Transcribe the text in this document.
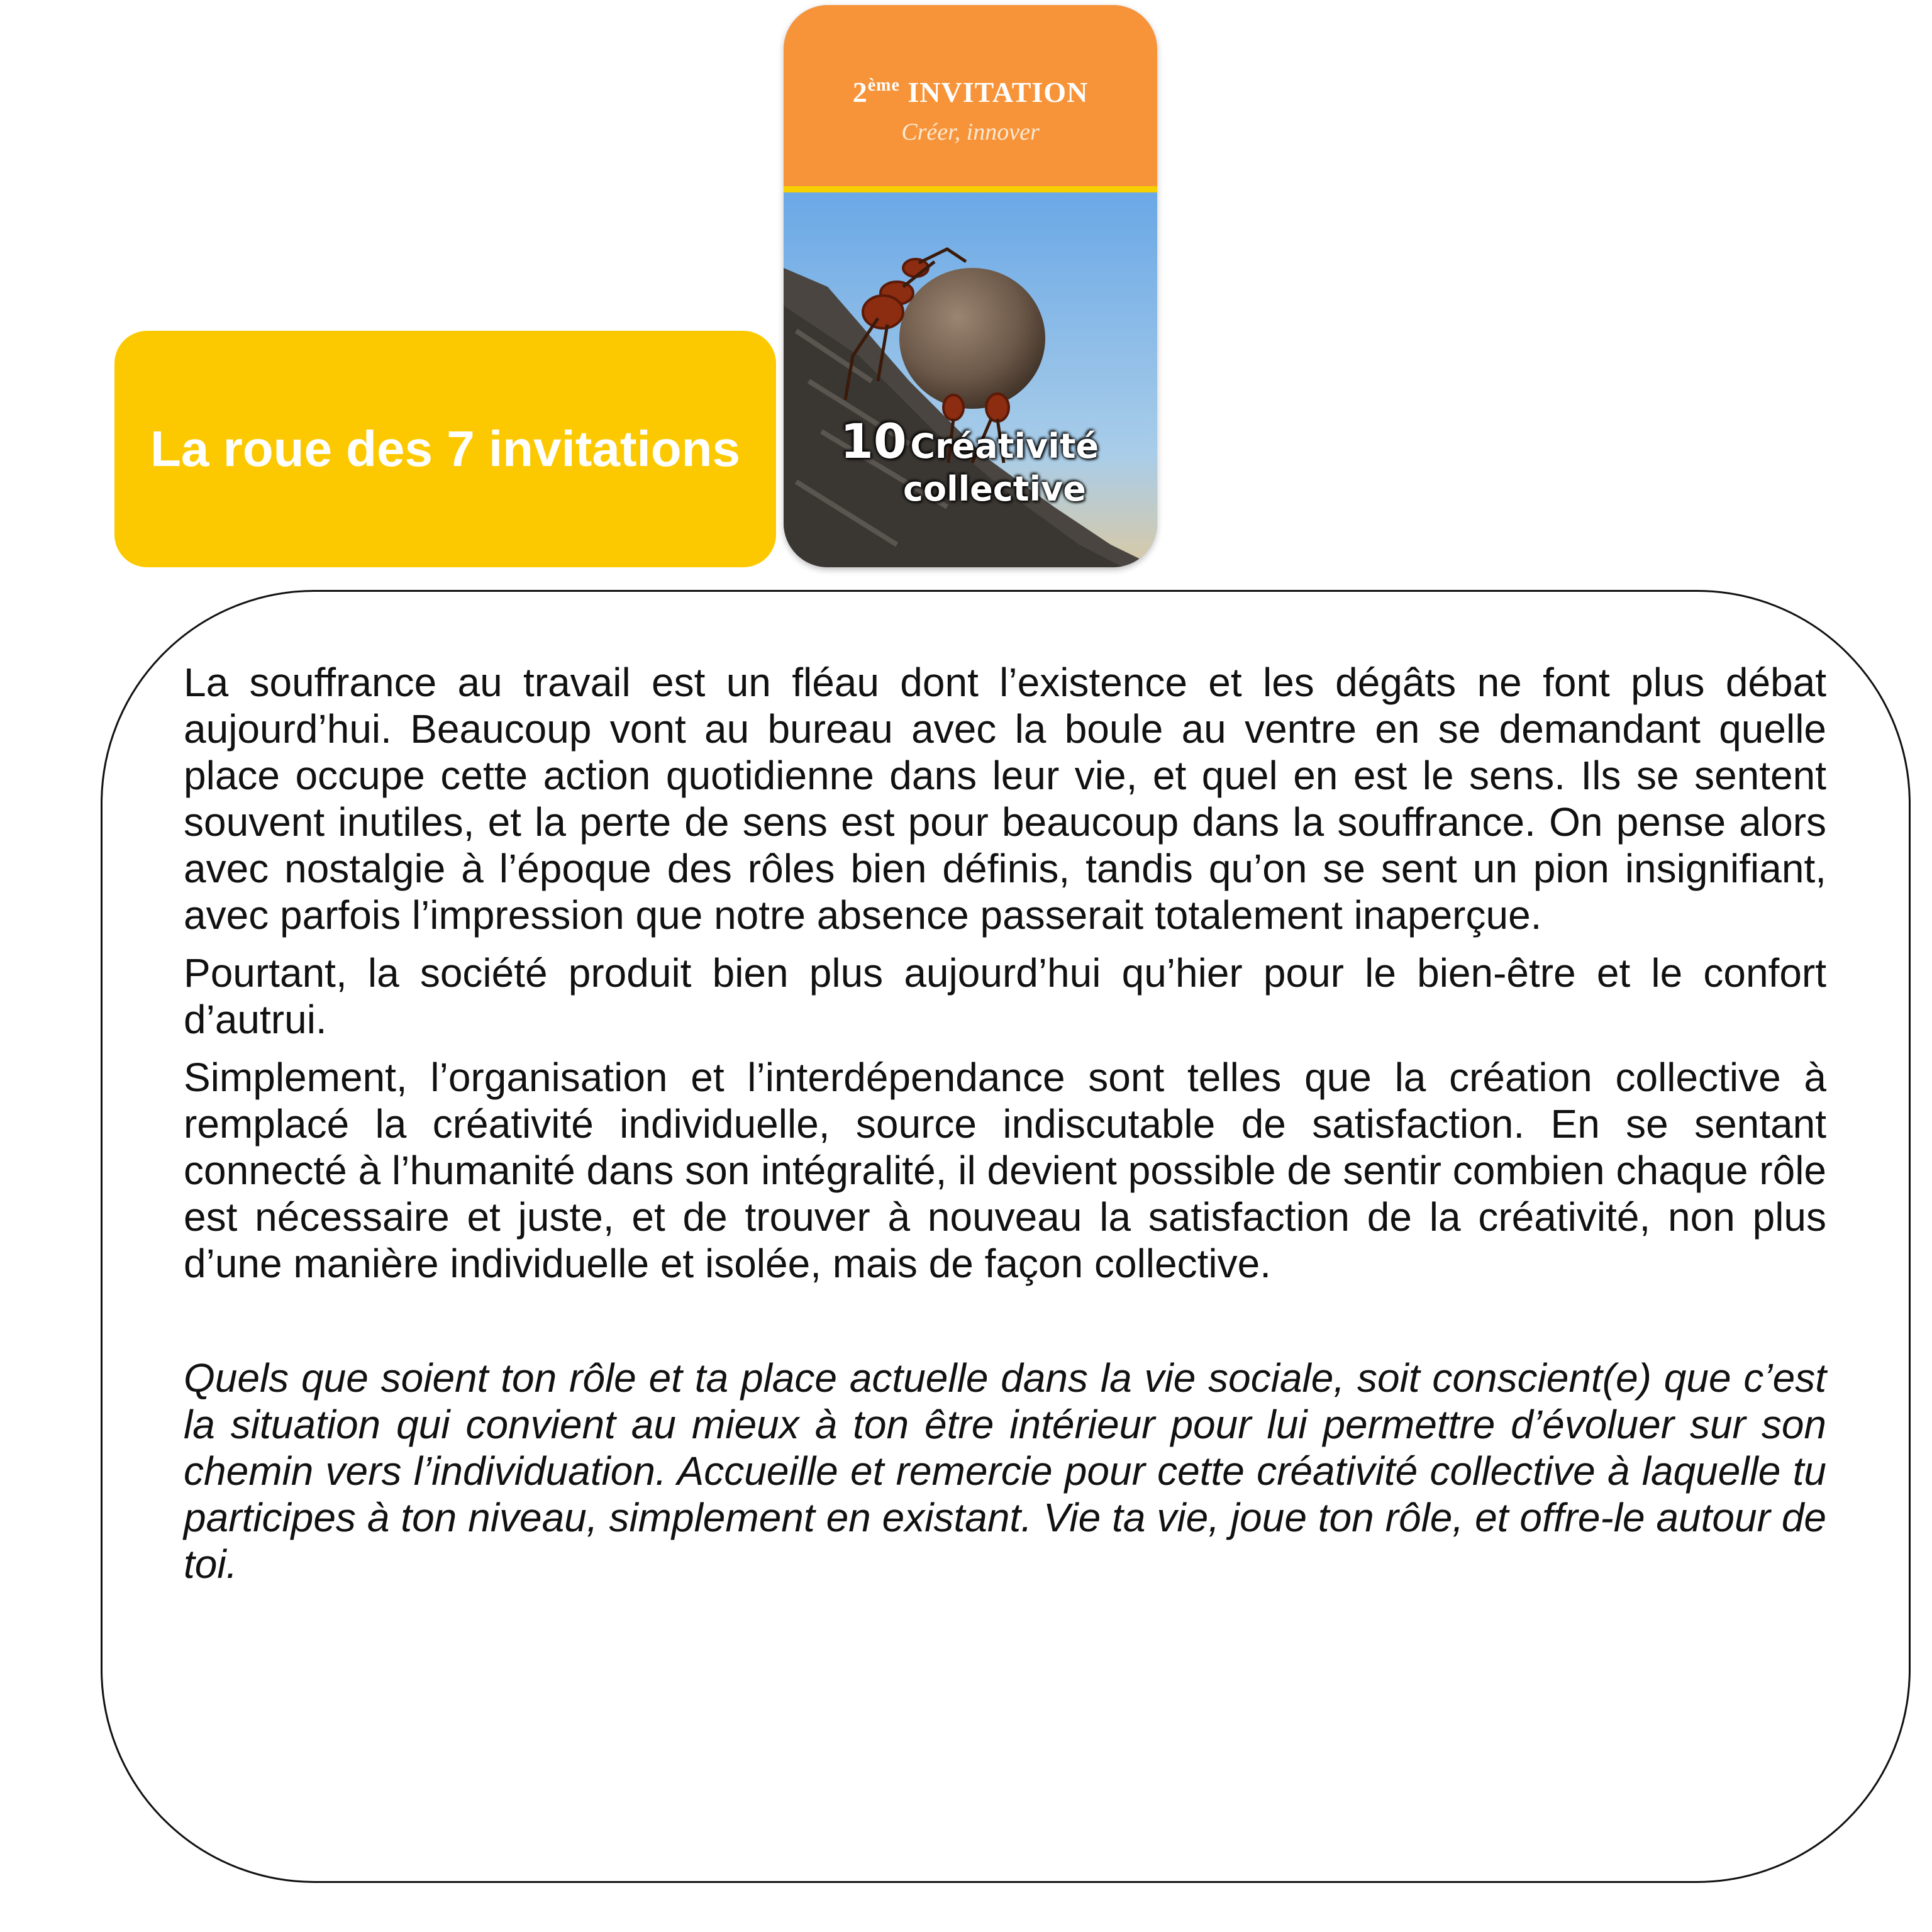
La roue des 7 invitations
2ème INVITATION
Créer, innover
10 Créativité
collective

La souffrance au travail est un fléau dont l’existence et les dégâts ne font plus débat aujourd’hui. Beaucoup vont au bureau avec la boule au ventre en se demandant quelle place occupe cette action quotidienne dans leur vie, et quel en est le sens. Ils se sentent souvent inutiles, et la perte de sens est pour beaucoup dans la souffrance. On pense alors avec nostalgie à l’époque des rôles bien définis, tandis qu’on se sent un pion insignifiant, avec parfois l’impression que notre absence passerait totalement inaperçue.

Pourtant, la société produit bien plus aujourd’hui qu’hier pour le bien-être et le confort d’autrui.

Simplement, l’organisation et l’interdépendance sont telles que la création collective à remplacé la créativité individuelle, source indiscutable de satisfaction. En se sentant connecté à l’humanité dans son intégralité, il devient possible de sentir combien chaque rôle est nécessaire et juste, et de trouver à nouveau la satisfaction de la créativité, non plus d’une manière individuelle et isolée, mais de façon collective.

Quels que soient ton rôle et ta place actuelle dans la vie sociale, soit conscient(e) que c’est la situation qui convient au mieux à ton être intérieur pour lui permettre d’évoluer sur son chemin vers l’individuation. Accueille et remercie pour cette créativité collective à laquelle tu participes à ton niveau, simplement en existant. Vie ta vie, joue ton rôle, et offre-le autour de toi.
